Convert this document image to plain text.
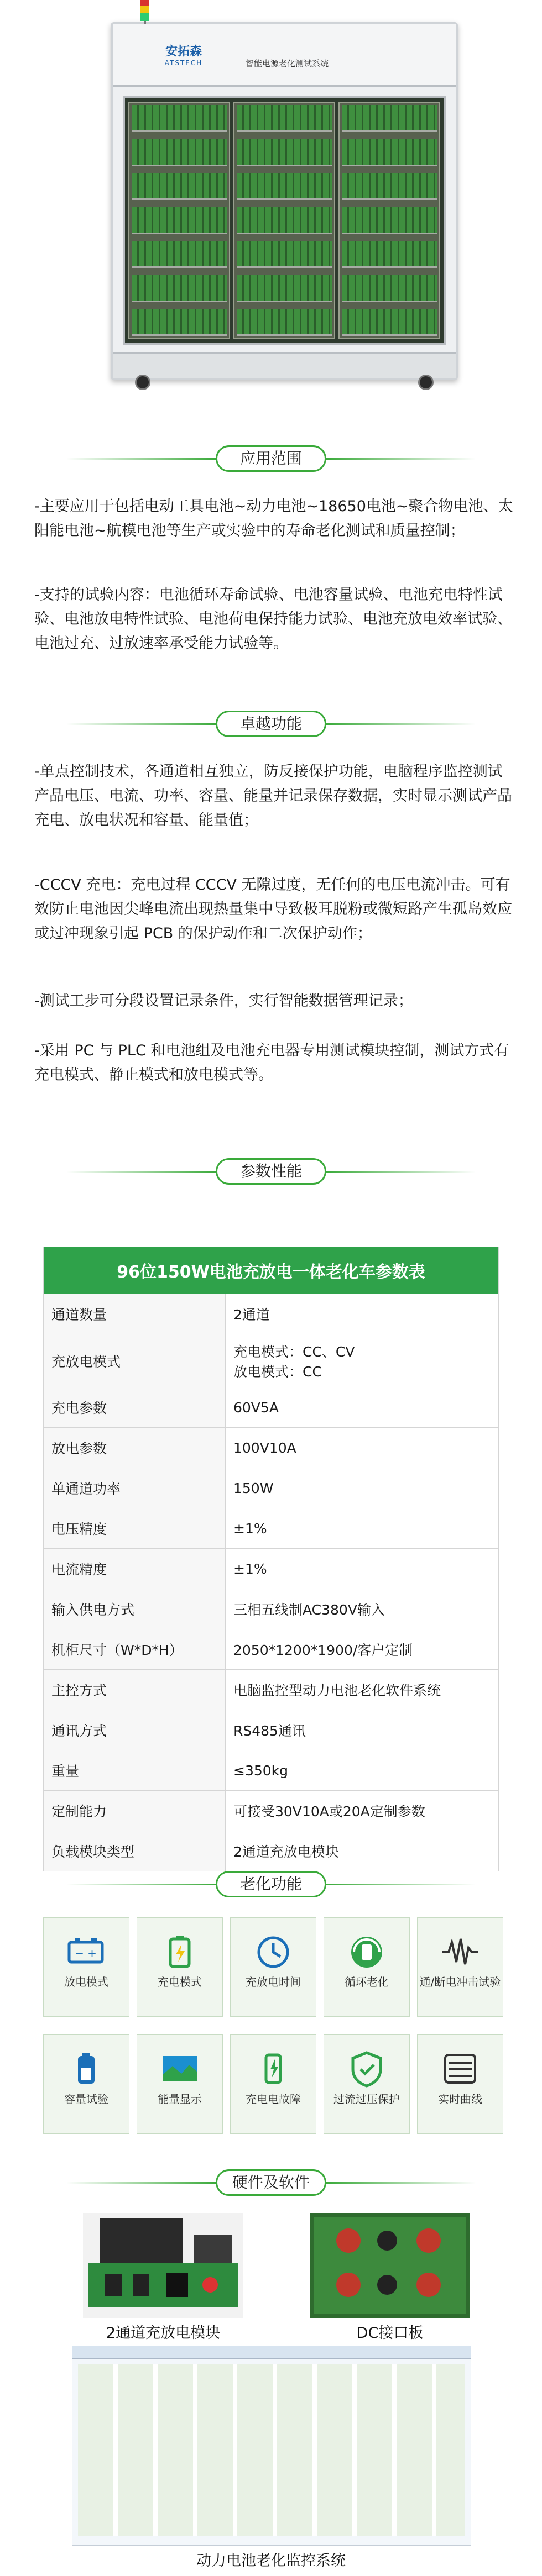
安拓森
ATSTECH	智能电源老化测试系统
应用范围

-主要应用于包括电动工具电池~动力电池~18650电池~聚合物电池、太阳能电池~航模电池等生产或实验中的寿命老化测试和质量控制；

-支持的试验内容：电池循环寿命试验、电池容量试验、电池充电特性试验、电池放电特性试验、电池荷电保持能力试验、电池充放电效率试验、电池过充、过放速率承受能力试验等。

卓越功能

-单点控制技术，各通道相互独立，防反接保护功能，电脑程序监控测试产品电压、电流、功率、容量、能量并记录保存数据，实时显示测试产品充电、放电状况和容量、能量值；

-CCCV 充电：充电过程 CCCV 无隙过度，无任何的电压电流冲击。可有效防止电池因尖峰电流出现热量集中导致极耳脱粉或微短路产生孤岛效应或过冲现象引起 PCB 的保护动作和二次保护动作；

-测试工步可分段设置记录条件，实行智能数据管理记录；

-采用 PC 与 PLC 和电池组及电池充电器专用测试模块控制，测试方式有充电模式、静止模式和放电模式等。

参数性能
96位150W电池充放电一体老化车参数表	
通道数量	2通道
充放电模式	充电模式：CC、CV
放电模式：CC

充电参数	60V5A
放电参数	100V10A
单通道功率	150W
电压精度	±1%
电流精度	±1%
输入供电方式	三相五线制AC380V输入
机柜尺寸（W*D*H）	2050*1200*1900/客户定制
主控方式	电脑监控型动力电池老化软件系统
通讯方式	RS485通讯
重量	≤350kg
定制能力	可接受30V10A或20A定制参数
负载模块类型	2通道充放电模块
老化功能
− +
放电模式	充电模式	充放电时间	循环老化	通/断电冲击试验
容量试验	能量显示	充电电故障	过流过压保护	实时曲线
硬件及软件
2通道充放电模块	DC接口板
动力电池老化监控系统
